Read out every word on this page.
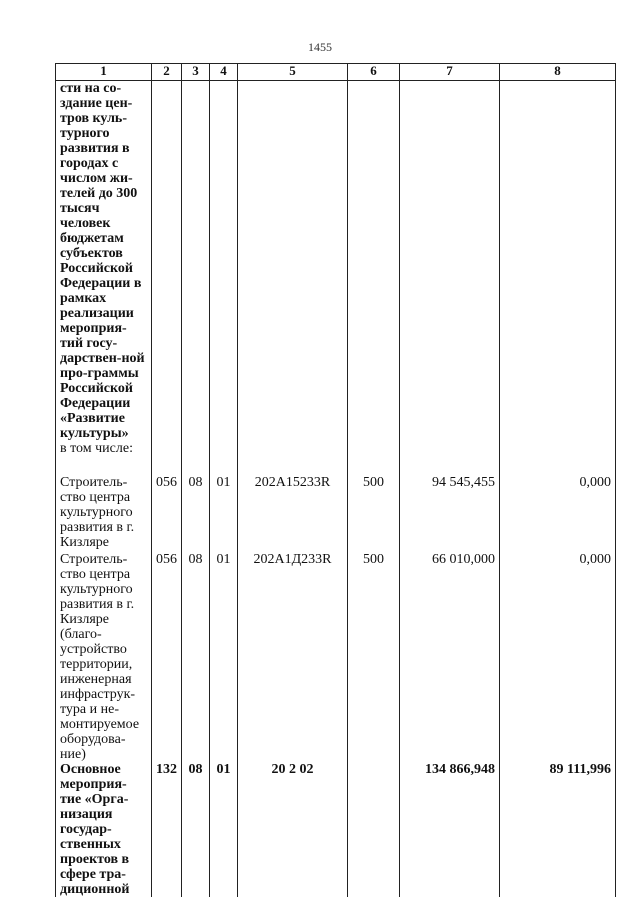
1455
1	2	3	4	5	6	7	8
сти на со-здание цен-тров куль-турного развития в городах с числом жи-телей до 300 тысяч человек бюджетам субъектов Российской Федерации в рамках реализации мероприя-тий госу-дарствен-ной про-граммы Российской Федерации «Развитие культуры»							
в том числе:							
Строитель-ство центра культурного развития в г. Кизляре	056	08	01	202А15233R	500	94 545,455	0,000
Строитель-ство центра культурного развития в г. Кизляре (благо-устройство территории, инженерная инфраструк-тура и не-монтируемое оборудова-ние)	056	08	01	202А1Д233R	500	66 010,000	0,000
Основное мероприя-тие «Орга-низация государ-ственных проектов в сфере тра-диционной	132	08	01	20 2 02		134 866,948	89 111,996
